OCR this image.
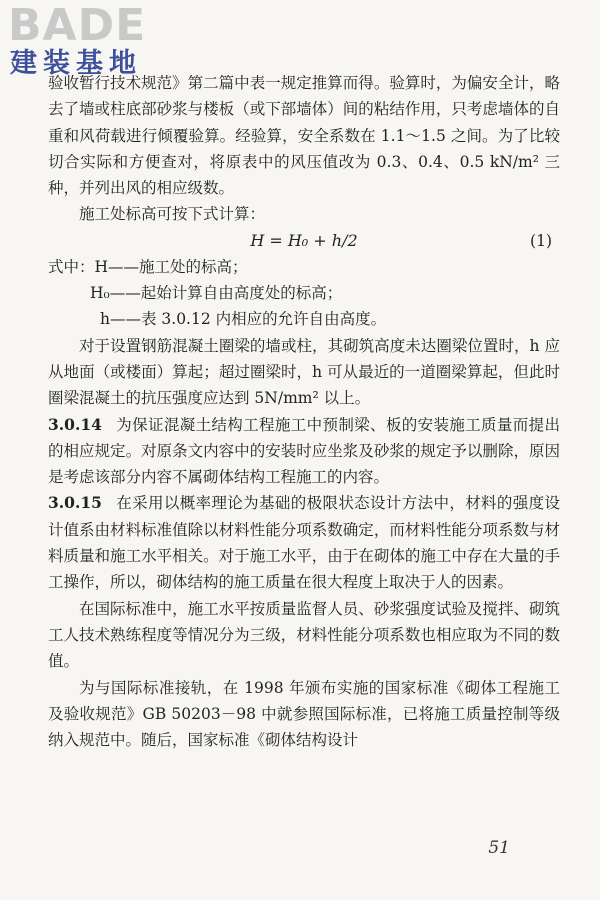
BADE
建装基地

验收暂行技术规范》第二篇中表一规定推算而得。验算时，为偏安全计，略去了墙或柱底部砂浆与楼板（或下部墙体）间的粘结作用，只考虑墙体的自重和风荷载进行倾覆验算。经验算，安全系数在 1.1～1.5 之间。为了比较切合实际和方便查对，将原表中的风压值改为 0.3、0.4、0.5 kN/m² 三种，并列出风的相应级数。

施工处标高可按下式计算：

H = H₀ + h/2	(1)

式中：H——施工处的标高；

H₀——起始计算自由高度处的标高；

h——表 3.0.12 内相应的允许自由高度。

对于设置钢筋混凝土圈梁的墙或柱，其砌筑高度未达圈梁位置时，h 应从地面（或楼面）算起；超过圈梁时，h 可从最近的一道圈梁算起，但此时圈梁混凝土的抗压强度应达到 5N/mm² 以上。

3.0.14 为保证混凝土结构工程施工中预制梁、板的安装施工质量而提出的相应规定。对原条文内容中的安装时应坐浆及砂浆的规定予以删除，原因是考虑该部分内容不属砌体结构工程施工的内容。

3.0.15 在采用以概率理论为基础的极限状态设计方法中，材料的强度设计值系由材料标准值除以材料性能分项系数确定，而材料性能分项系数与材料质量和施工水平相关。对于施工水平，由于在砌体的施工中存在大量的手工操作，所以，砌体结构的施工质量在很大程度上取决于人的因素。

在国际标准中，施工水平按质量监督人员、砂浆强度试验及搅拌、砌筑工人技术熟练程度等情况分为三级，材料性能分项系数也相应取为不同的数值。

为与国际标准接轨，在 1998 年颁布实施的国家标准《砌体工程施工及验收规范》GB 50203－98 中就参照国际标准，已将施工质量控制等级纳入规范中。随后，国家标准《砌体结构设计

51
